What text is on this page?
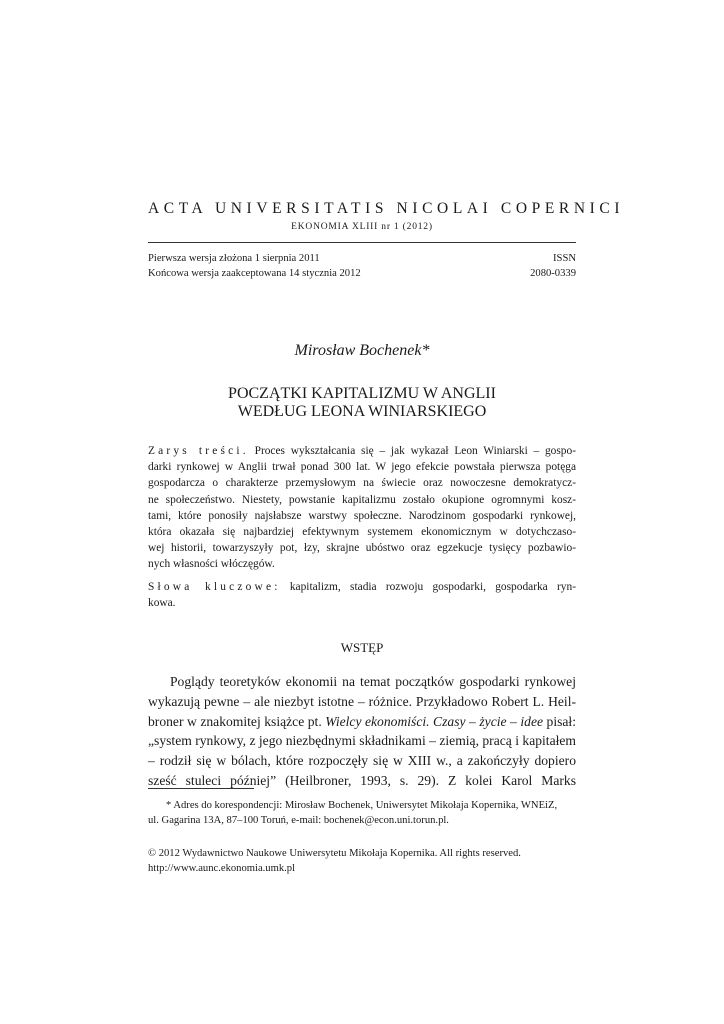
ACTA UNIVERSITATIS NICOLAI COPERNICI
EKONOMIA XLIII nr 1 (2012)
Pierwsza wersja złożona 1 sierpnia 2011
Końcowa wersja zaakceptowana 14 stycznia 2012
ISSN
2080-0339
Mirosław Bochenek*
POCZĄTKI KAPITALIZMU W ANGLII
WEDŁUG LEONA WINIARSKIEGO
Zarys treści. Proces wykształcania się – jak wykazał Leon Winiarski – gospo-
darki rynkowej w Anglii trwał ponad 300 lat. W jego efekcie powstała pierwsza potęga
gospodarcza o charakterze przemysłowym na świecie oraz nowoczesne demokratycz-
ne społeczeństwo. Niestety, powstanie kapitalizmu zostało okupione ogromnymi kosz-
tami, które ponosiły najsłabsze warstwy społeczne. Narodzinom gospodarki rynkowej,
która okazała się najbardziej efektywnym systemem ekonomicznym w dotychczaso-
wej historii, towarzyszyły pot, łzy, skrajne ubóstwo oraz egzekucje tysięcy pozbawio-
nych własności włóczęgów.
Słowa kluczowe: kapitalizm, stadia rozwoju gospodarki, gospodarka ryn-
kowa.
WSTĘP
Poglądy teoretyków ekonomii na temat początków gospodarki rynkowej
wykazują pewne – ale niezbyt istotne – różnice. Przykładowo Robert L. Heil-
broner w znakomitej książce pt. Wielcy ekonomiści. Czasy – życie – idee pisał:
„system rynkowy, z jego niezbędnymi składnikami – ziemią, pracą i kapitałem
– rodził się w bólach, które rozpoczęły się w XIII w., a zakończyły dopiero
sześć stuleci później” (Heilbroner, 1993, s. 29). Z kolei Karol Marks
* Adres do korespondencji: Mirosław Bochenek, Uniwersytet Mikołaja Kopernika, WNEiZ,
ul. Gagarina 13A, 87–100 Toruń, e-mail: bochenek@econ.uni.torun.pl.
© 2012 Wydawnictwo Naukowe Uniwersytetu Mikołaja Kopernika. All rights reserved.
http://www.aunc.ekonomia.umk.pl
